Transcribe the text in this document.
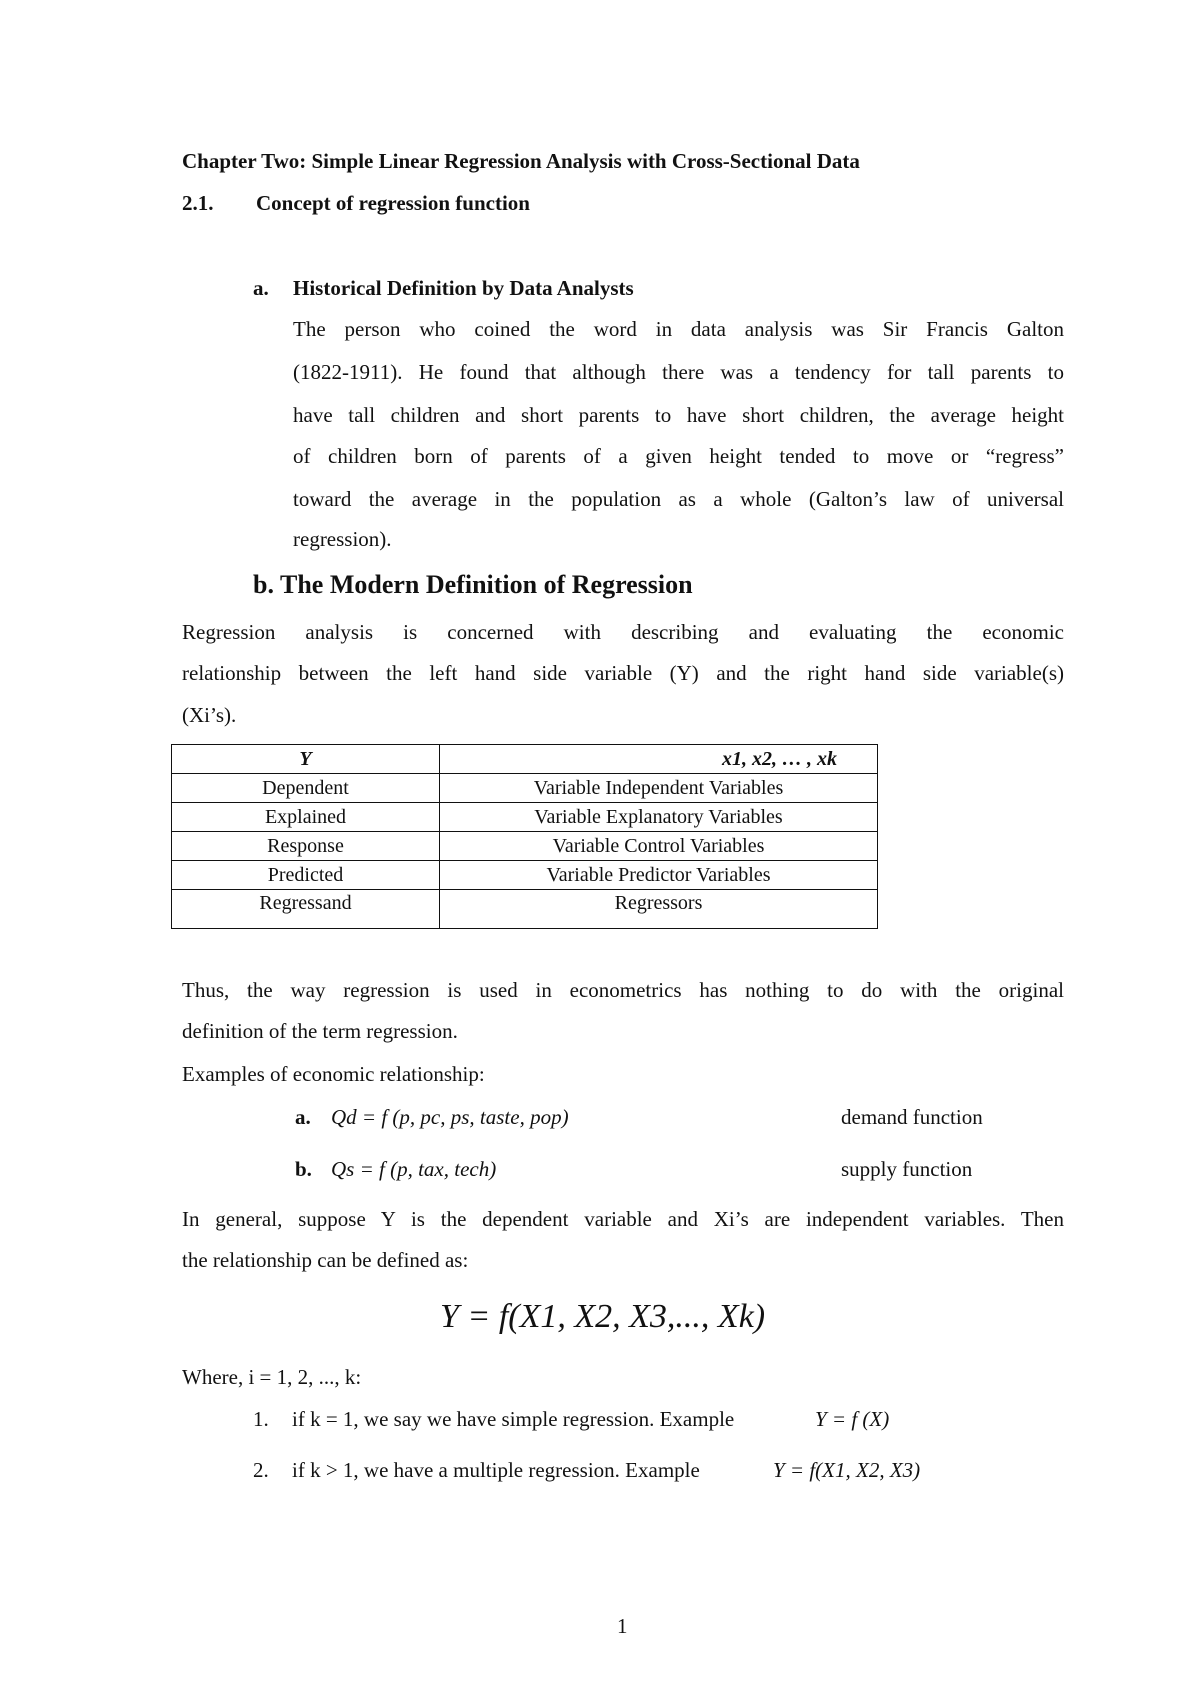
Chapter Two: Simple Linear Regression Analysis with Cross-Sectional Data
2.1. Concept of regression function
a. Historical Definition by Data Analysts
The person who coined the word in data analysis was Sir Francis Galton
(1822-1911). He found that although there was a tendency for tall parents to
have tall children and short parents to have short children, the average height
of children born of parents of a given height tended to move or “regress”
toward the average in the population as a whole (Galton’s law of universal
regression).
b. The Modern Definition of Regression
Regression analysis is concerned with describing and evaluating the economic
relationship between the left hand side variable (Y) and the right hand side variable(s)
(Xi’s).
Y	x1, x2, … , xk
Dependent	Variable Independent Variables
Explained	Variable Explanatory Variables
Response	Variable Control Variables
Predicted	Variable Predictor Variables
Regressand	Regressors
Thus, the way regression is used in econometrics has nothing to do with the original
definition of the term regression.
Examples of economic relationship:
a. Qd = f (p, pc, ps, taste, pop)	demand function
b. Qs = f (p, tax, tech)	supply function
In general, suppose Y is the dependent variable and Xi’s are independent variables. Then
the relationship can be defined as:
Y = f(X1, X2, X3,..., Xk)
Where, i = 1, 2, ..., k:
1. if k = 1, we say we have simple regression. Example	Y = f (X)
2. if k > 1, we have a multiple regression. Example	Y = f(X1, X2, X3)
1
